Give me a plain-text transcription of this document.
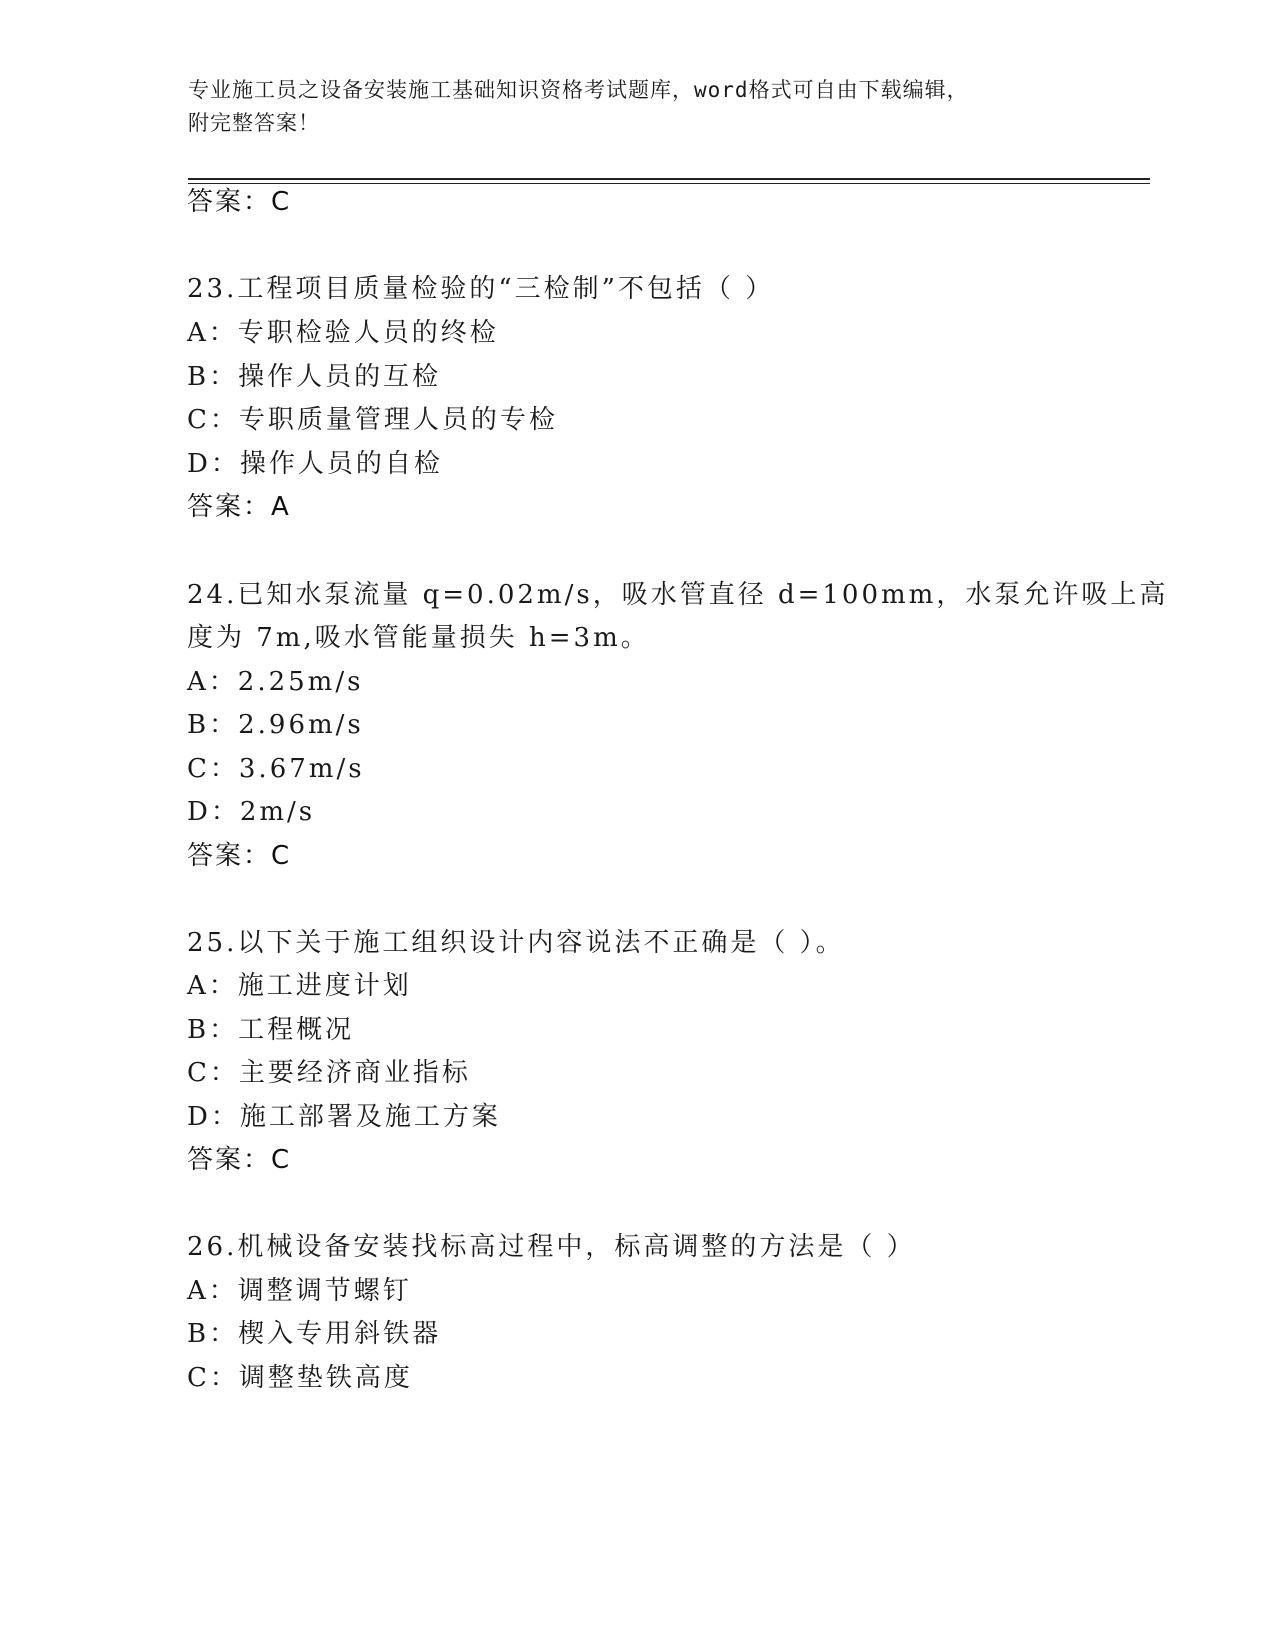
专业施工员之设备安装施工基础知识资格考试题库，word格式可自由下载编辑，
附完整答案！
答案：C
23.工程项目质量检验的“三检制”不包括（ ）
A：专职检验人员的终检
B：操作人员的互检
C：专职质量管理人员的专检
D：操作人员的自检
答案：A
24.已知水泵流量 q=0.02m/s，吸水管直径 d=100mm，水泵允许吸上高
度为 7m,吸水管能量损失 h=3m。
A：2.25m/s
B：2.96m/s
C：3.67m/s
D：2m/s
答案：C
25.以下关于施工组织设计内容说法不正确是（ ）。
A：施工进度计划
B：工程概况
C：主要经济商业指标
D：施工部署及施工方案
答案：C
26.机械设备安装找标高过程中，标高调整的方法是（ ）
A：调整调节螺钉
B：楔入专用斜铁器
C：调整垫铁高度
